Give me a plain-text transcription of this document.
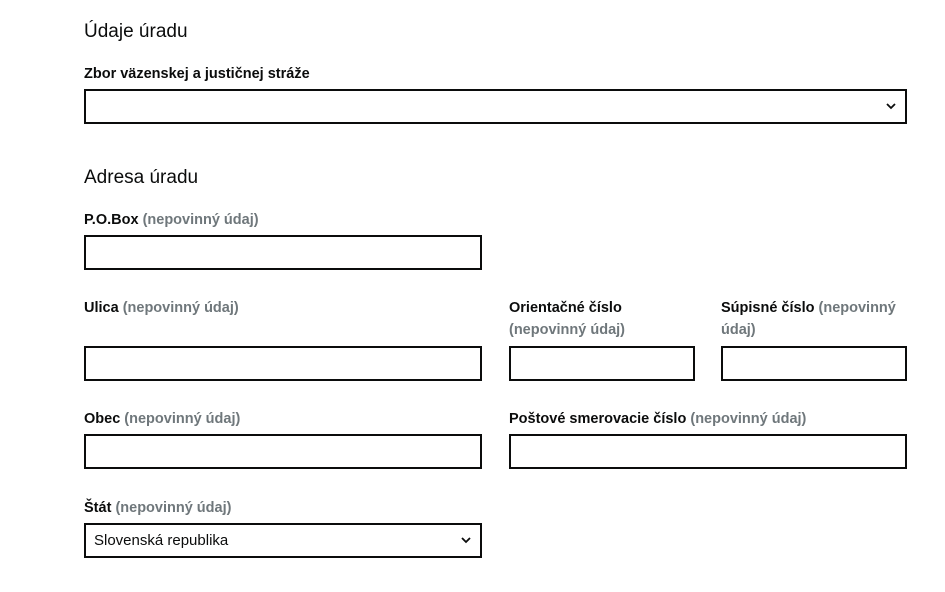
Údaje úradu
Zbor väzenskej a justičnej stráže
Adresa úradu
P.O.Box (nepovinný údaj)
Ulica (nepovinný údaj)	Orientačné číslo
(nepovinný údaj)
Súpisné číslo (nepovinný údaj)
Obec (nepovinný údaj)	Poštové smerovacie číslo (nepovinný údaj)
Štát (nepovinný údaj)
Slovenská republika
